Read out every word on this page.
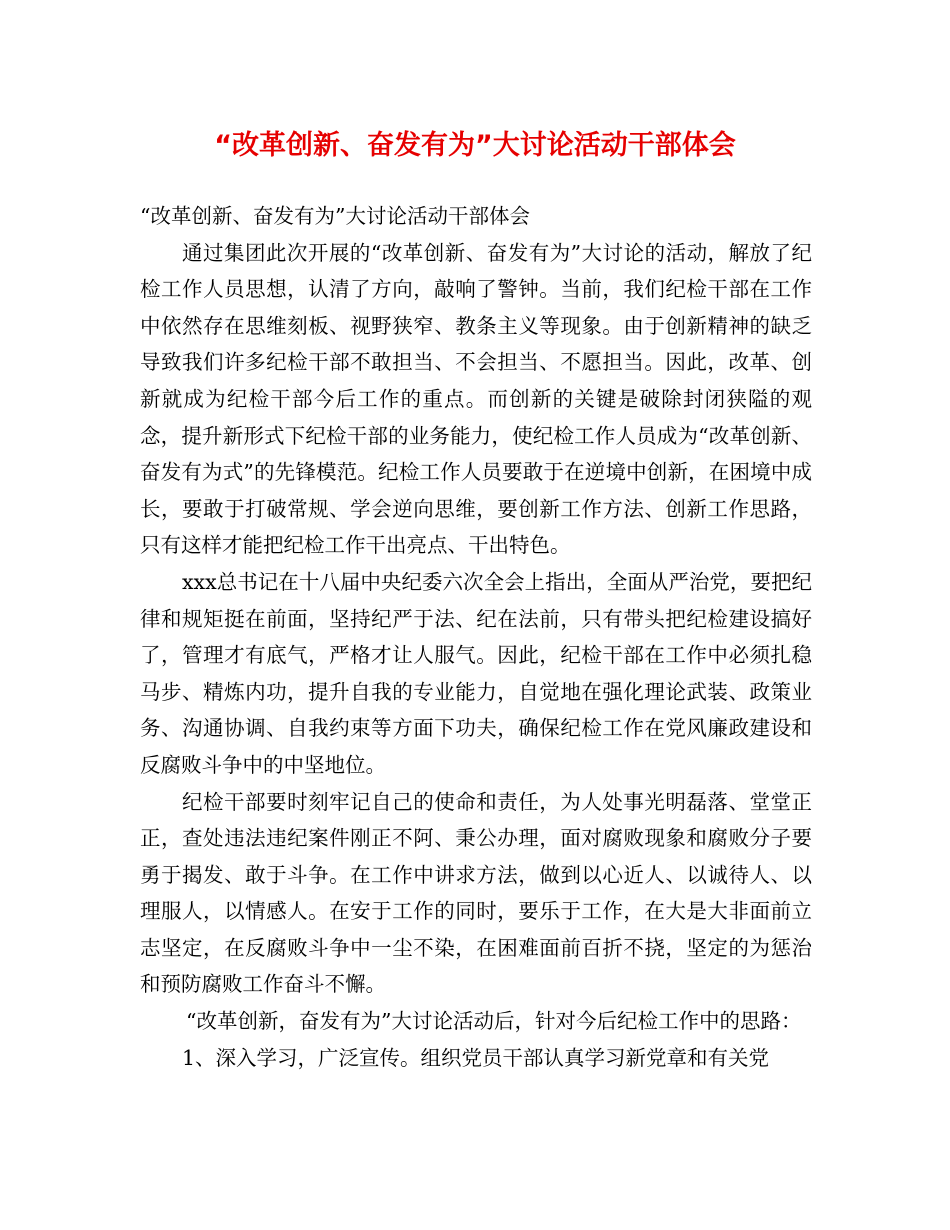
“改革创新、奋发有为”大讨论活动干部体会

“改革创新、奋发有为”大讨论活动干部体会

通过集团此次开展的“改革创新、奋发有为”大讨论的活动，解放了纪检工作人员思想，认清了方向，敲响了警钟。当前，我们纪检干部在工作中依然存在思维刻板、视野狭窄、教条主义等现象。由于创新精神的缺乏导致我们许多纪检干部不敢担当、不会担当、不愿担当。因此，改革、创新就成为纪检干部今后工作的重点。而创新的关键是破除封闭狭隘的观念，提升新形式下纪检干部的业务能力，使纪检工作人员成为“改革创新、奋发有为式”的先锋模范。纪检工作人员要敢于在逆境中创新，在困境中成长，要敢于打破常规、学会逆向思维，要创新工作方法、创新工作思路，只有这样才能把纪检工作干出亮点、干出特色。

xxx总书记在十八届中央纪委六次全会上指出，全面从严治党，要把纪律和规矩挺在前面，坚持纪严于法、纪在法前，只有带头把纪检建设搞好了，管理才有底气，严格才让人服气。因此，纪检干部在工作中必须扎稳马步、精炼内功，提升自我的专业能力，自觉地在强化理论武装、政策业务、沟通协调、自我约束等方面下功夫，确保纪检工作在党风廉政建设和反腐败斗争中的中坚地位。

纪检干部要时刻牢记自己的使命和责任，为人处事光明磊落、堂堂正正，查处违法违纪案件刚正不阿、秉公办理，面对腐败现象和腐败分子要勇于揭发、敢于斗争。在工作中讲求方法，做到以心近人、以诚待人、以理服人，以情感人。在安于工作的同时，要乐于工作，在大是大非面前立志坚定，在反腐败斗争中一尘不染，在困难面前百折不挠，坚定的为惩治和预防腐败工作奋斗不懈。

“改革创新，奋发有为”大讨论活动后，针对今后纪检工作中的思路：

1、深入学习，广泛宣传。组织党员干部认真学习新党章和有关党
